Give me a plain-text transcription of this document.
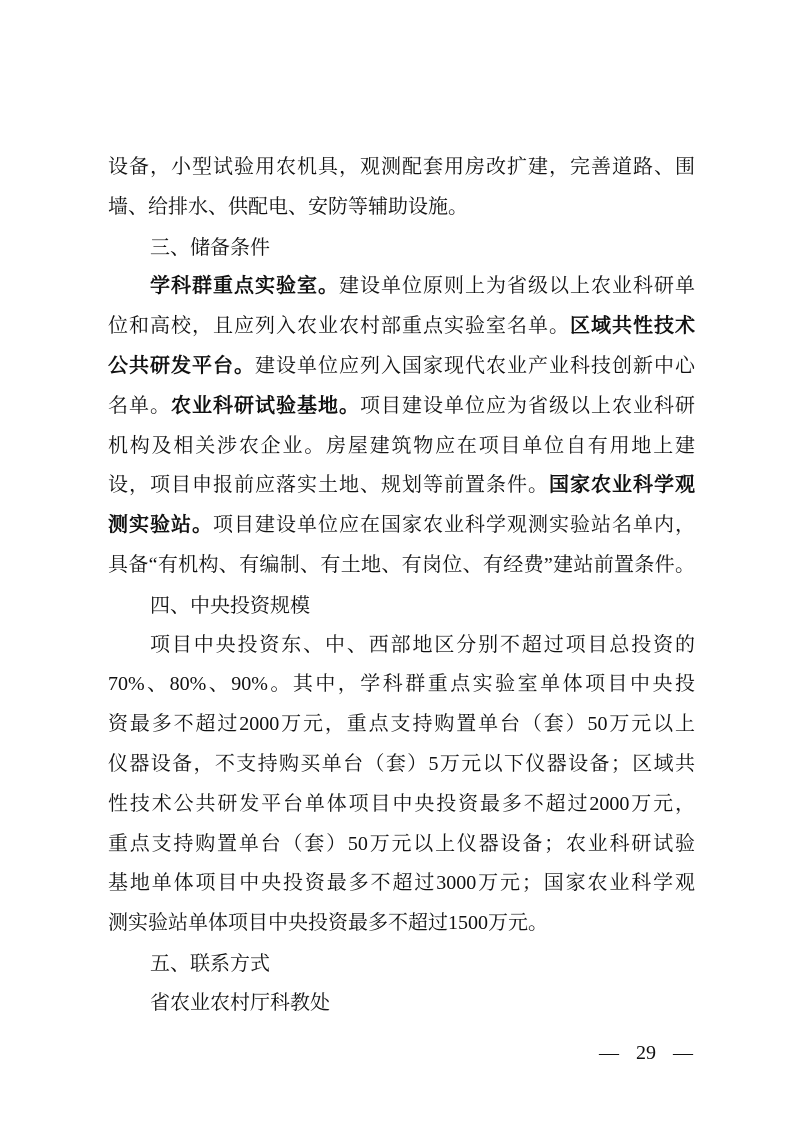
设备，小型试验用农机具，观测配套用房改扩建，完善道路、围
墙、给排水、供配电、安防等辅助设施。
三、储备条件
学科群重点实验室。建设单位原则上为省级以上农业科研单
位和高校，且应列入农业农村部重点实验室名单。区域共性技术
公共研发平台。建设单位应列入国家现代农业产业科技创新中心
名单。农业科研试验基地。项目建设单位应为省级以上农业科研
机构及相关涉农企业。房屋建筑物应在项目单位自有用地上建
设，项目申报前应落实土地、规划等前置条件。国家农业科学观
测实验站。项目建设单位应在国家农业科学观测实验站名单内，
具备“有机构、有编制、有土地、有岗位、有经费”建站前置条件。
四、中央投资规模
项目中央投资东、中、西部地区分别不超过项目总投资的
70%、80%、90%。其中，学科群重点实验室单体项目中央投
资最多不超过2000万元，重点支持购置单台（套）50万元以上
仪器设备，不支持购买单台（套）5万元以下仪器设备；区域共
性技术公共研发平台单体项目中央投资最多不超过2000万元，
重点支持购置单台（套）50万元以上仪器设备；农业科研试验
基地单体项目中央投资最多不超过3000万元；国家农业科学观
测实验站单体项目中央投资最多不超过1500万元。
五、联系方式
省农业农村厅科教处
— 29 —
